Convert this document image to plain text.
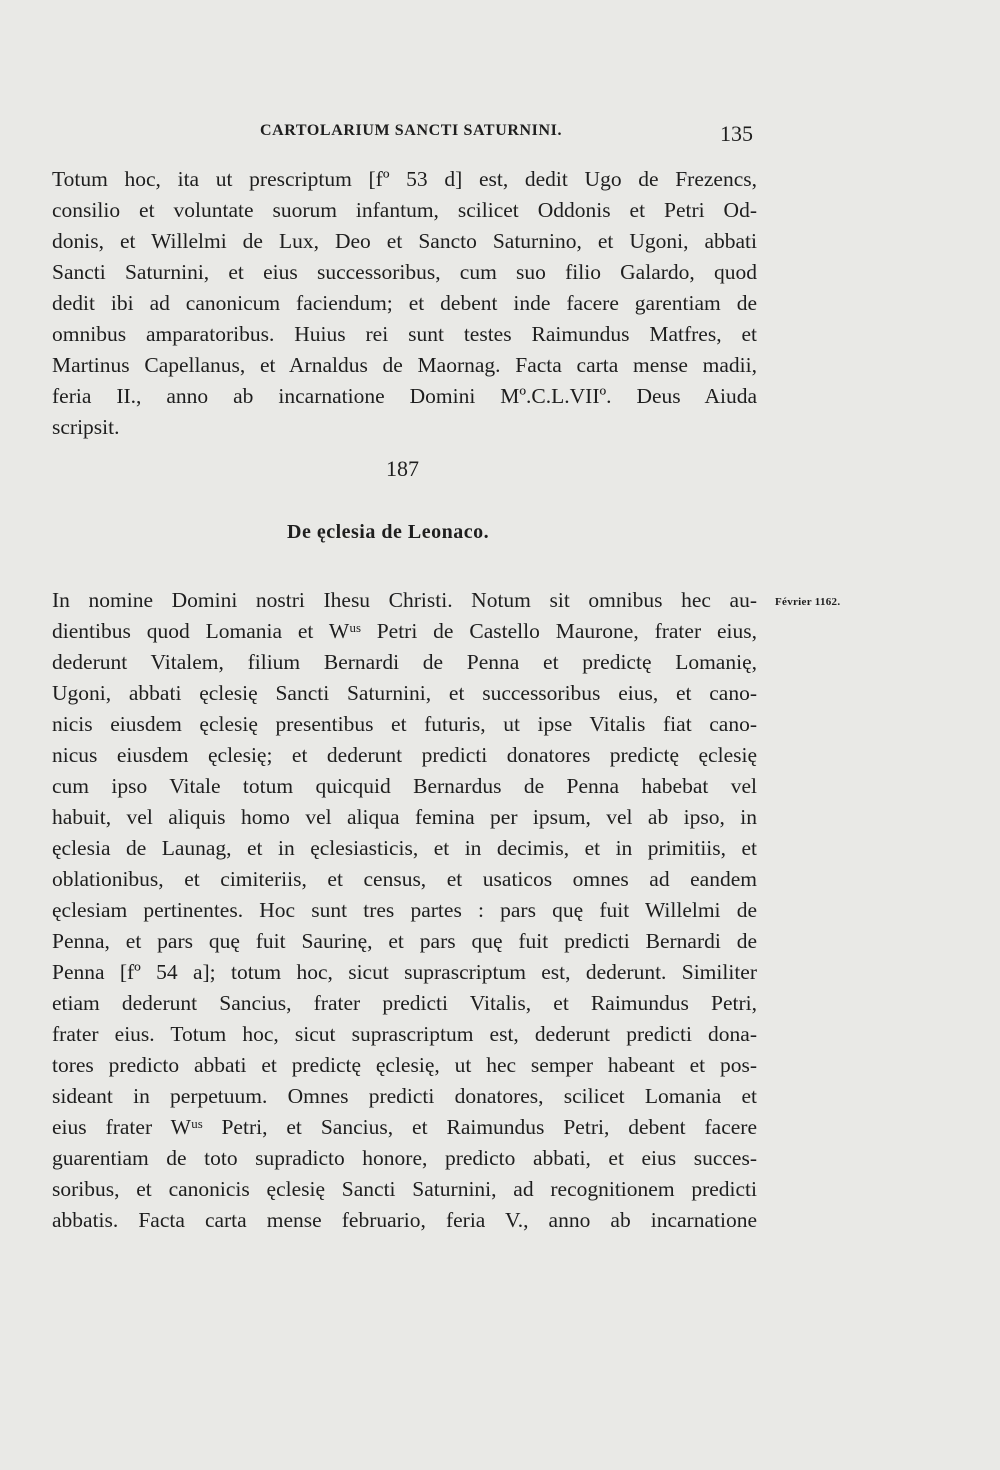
CARTOLARIUM SANCTI SATURNINI.	135

Totum hoc, ita ut prescriptum [fº 53 d] est, dedit Ugo de Frezencs,
consilio et voluntate suorum infantum, scilicet Oddonis et Petri Od-
donis, et Willelmi de Lux, Deo et Sancto Saturnino, et Ugoni, abbati
Sancti Saturnini, et eius successoribus, cum suo filio Galardo, quod
dedit ibi ad canonicum faciendum; et debent inde facere garentiam de
omnibus amparatoribus. Huius rei sunt testes Raimundus Matfres, et
Martinus Capellanus, et Arnaldus de Maornag. Facta carta mense madii,
feria II., anno ab incarnatione Domini Mº.C.L.VIIº. Deus Aiuda
scripsit.

187
De ęclesia de Leonaco.
Février 1162.

In nomine Domini nostri Ihesu Christi. Notum sit omnibus hec au-
dientibus quod Lomania et Wᵘˢ Petri de Castello Maurone, frater eius,
dederunt Vitalem, filium Bernardi de Penna et predictę Lomanię,
Ugoni, abbati ęclesię Sancti Saturnini, et successoribus eius, et cano-
nicis eiusdem ęclesię presentibus et futuris, ut ipse Vitalis fiat cano-
nicus eiusdem ęclesię; et dederunt predicti donatores predictę ęclesię
cum ipso Vitale totum quicquid Bernardus de Penna habebat vel
habuit, vel aliquis homo vel aliqua femina per ipsum, vel ab ipso, in
ęclesia de Launag, et in ęclesiasticis, et in decimis, et in primitiis, et
oblationibus, et cimiteriis, et census, et usaticos omnes ad eandem
ęclesiam pertinentes. Hoc sunt tres partes : pars quę fuit Willelmi de
Penna, et pars quę fuit Saurinę, et pars quę fuit predicti Bernardi de
Penna [fº 54 a]; totum hoc, sicut suprascriptum est, dederunt. Similiter
etiam dederunt Sancius, frater predicti Vitalis, et Raimundus Petri,
frater eius. Totum hoc, sicut suprascriptum est, dederunt predicti dona-
tores predicto abbati et predictę ęclesię, ut hec semper habeant et pos-
sideant in perpetuum. Omnes predicti donatores, scilicet Lomania et
eius frater Wᵘˢ Petri, et Sancius, et Raimundus Petri, debent facere
guarentiam de toto supradicto honore, predicto abbati, et eius succes-
soribus, et canonicis ęclesię Sancti Saturnini, ad recognitionem predicti
abbatis. Facta carta mense februario, feria V., anno ab incarnatione
